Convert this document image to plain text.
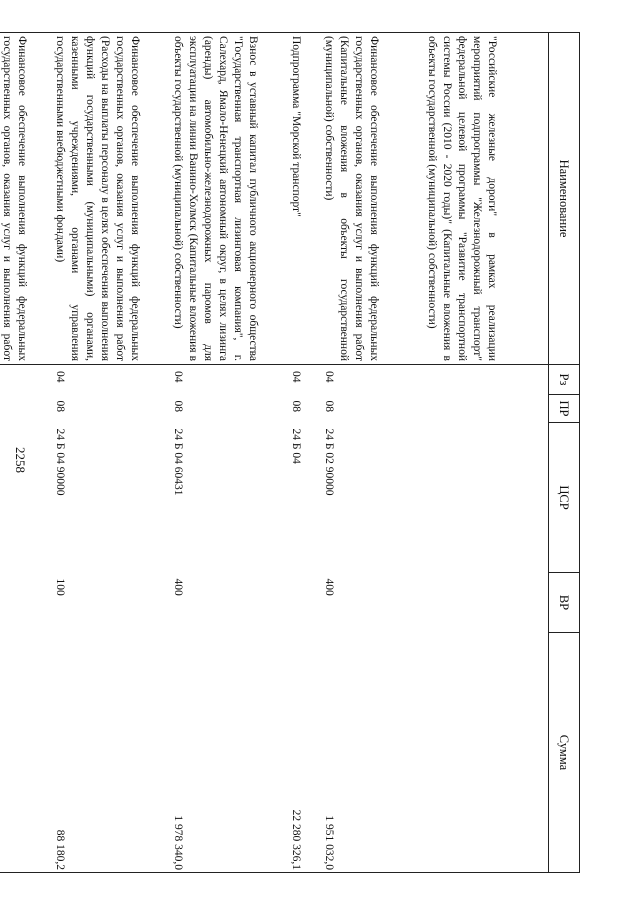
2258
Наименование	Рз	ПР	ЦСР	ВР	Сумма
"Российские железные дороги" в рамках реализации мероприятий подпрограммы "Железнодорожный транспорт" федеральной целевой программы "Развитие транспортной системы России (2010 - 2020 годы)" (Капитальные вложения в объекты государственной (муниципальной) собственности)					
Финансовое обеспечение выполнения функций федеральных государственных органов, оказания услуг и выполнения работ (Капитальные вложения в объекты государственной (муниципальной) собственности)	04	08	24 Б 02 90000	400	1 951 032,0
Подпрограмма "Морской транспорт"	04	08	24 Б 04		22 280 326,1
Взнос в уставный капитал публичного акционерного общества "Государственная транспортная лизинговая компания", г. Салехард, Ямало-Ненецкий автономный округ, в целях лизинга (аренды) автомобильно-железнодорожных паромов для эксплуатации на линии Ванино-Холмск (Капитальные вложения в объекты государственной (муниципальной) собственности)	04	08	24 Б 04 60431	400	1 978 340,0
Финансовое обеспечение выполнения функций федеральных государственных органов, оказания услуг и выполнения работ (Расходы на выплаты персоналу в целях обеспечения выполнения функций государственными (муниципальными) органами, казенными учреждениями, органами управления государственными внебюджетными фондами)	04	08	24 Б 04 90000	100	88 180,2
Финансовое обеспечение выполнения функций федеральных государственных органов, оказания услуг и выполнения работ					
